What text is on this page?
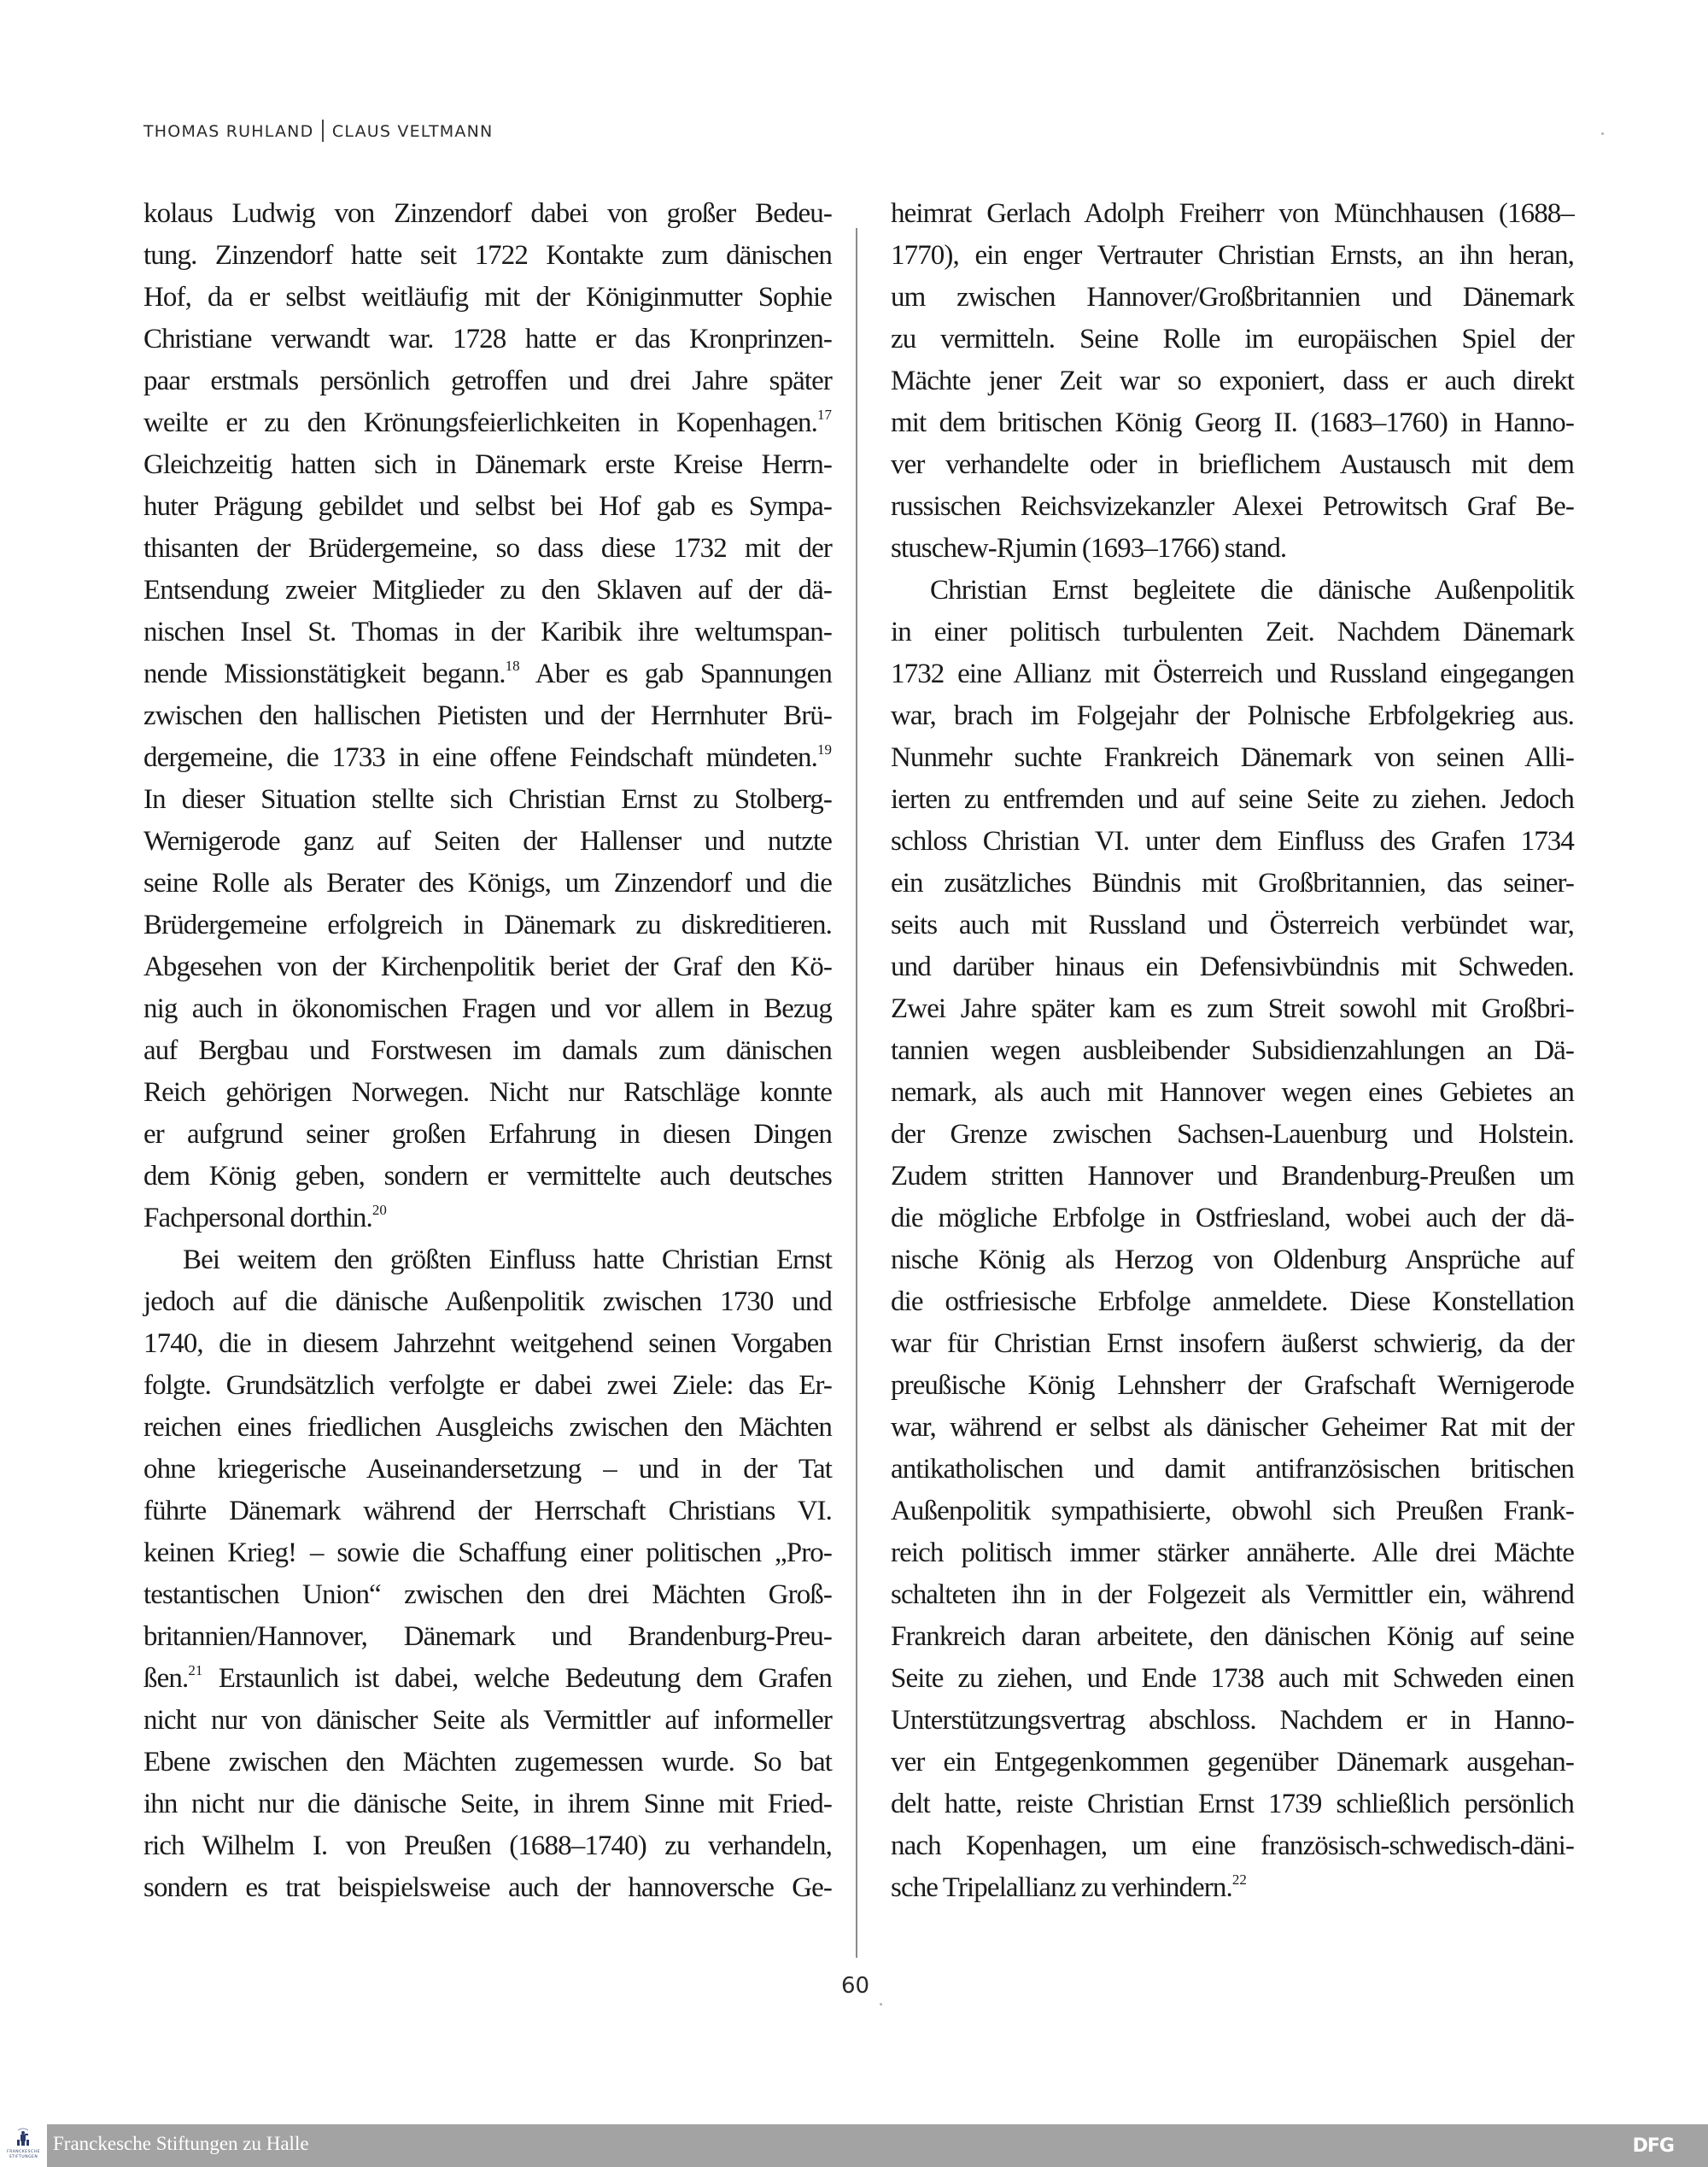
THOMAS RUHLAND CLAUS VELTMANN
kolaus Ludwig von Zinzendorf dabei von großer Bedeu-
tung. Zinzendorf hatte seit 1722 Kontakte zum dänischen
Hof, da er selbst weitläufig mit der Königinmutter Sophie
Christiane verwandt war. 1728 hatte er das Kronprinzen-
paar erstmals persönlich getroffen und drei Jahre später
weilte er zu den Krönungsfeierlichkeiten in Kopenhagen.$^{17}$
Gleichzeitig hatten sich in Dänemark erste Kreise Herrn-
huter Prägung gebildet und selbst bei Hof gab es Sympa-
thisanten der Brüdergemeine, so dass diese 1732 mit der
Entsendung zweier Mitglieder zu den Sklaven auf der dä-
nischen Insel St. Thomas in der Karibik ihre weltumspan-
nende Missionstätigkeit begann.$^{18}$ Aber es gab Spannungen
zwischen den hallischen Pietisten und der Herrnhuter Brü-
dergemeine, die 1733 in eine offene Feindschaft mündeten.$^{19}$
In dieser Situation stellte sich Christian Ernst zu Stolberg-
Wernigerode ganz auf Seiten der Hallenser und nutzte
seine Rolle als Berater des Königs, um Zinzendorf und die
Brüdergemeine erfolgreich in Dänemark zu diskreditieren.
Abgesehen von der Kirchenpolitik beriet der Graf den Kö-
nig auch in ökonomischen Fragen und vor allem in Bezug
auf Bergbau und Forstwesen im damals zum dänischen
Reich gehörigen Norwegen. Nicht nur Ratschläge konnte
er aufgrund seiner großen Erfahrung in diesen Dingen
dem König geben, sondern er vermittelte auch deutsches
Fachpersonal dorthin.$^{20}$
Bei weitem den größten Einfluss hatte Christian Ernst
jedoch auf die dänische Außenpolitik zwischen 1730 und
1740, die in diesem Jahrzehnt weitgehend seinen Vorgaben
folgte. Grundsätzlich verfolgte er dabei zwei Ziele: das Er-
reichen eines friedlichen Ausgleichs zwischen den Mächten
ohne kriegerische Auseinandersetzung – und in der Tat
führte Dänemark während der Herrschaft Christians VI.
keinen Krieg! – sowie die Schaffung einer politischen „Pro-
testantischen Union“ zwischen den drei Mächten Groß-
britannien/Hannover, Dänemark und Brandenburg-Preu-
ßen.$^{21}$ Erstaunlich ist dabei, welche Bedeutung dem Grafen
nicht nur von dänischer Seite als Vermittler auf informeller
Ebene zwischen den Mächten zugemessen wurde. So bat
ihn nicht nur die dänische Seite, in ihrem Sinne mit Fried-
rich Wilhelm I. von Preußen (1688–1740) zu verhandeln,
sondern es trat beispielsweise auch der hannoversche Ge-
heimrat Gerlach Adolph Freiherr von Münchhausen (1688–
1770), ein enger Vertrauter Christian Ernsts, an ihn heran,
um zwischen Hannover/Großbritannien und Dänemark
zu vermitteln. Seine Rolle im europäischen Spiel der
Mächte jener Zeit war so exponiert, dass er auch direkt
mit dem britischen König Georg II. (1683–1760) in Hanno-
ver verhandelte oder in brieflichem Austausch mit dem
russischen Reichsvizekanzler Alexei Petrowitsch Graf Be-
stuschew-Rjumin (1693–1766) stand.
Christian Ernst begleitete die dänische Außenpolitik
in einer politisch turbulenten Zeit. Nachdem Dänemark
1732 eine Allianz mit Österreich und Russland eingegangen
war, brach im Folgejahr der Polnische Erbfolgekrieg aus.
Nunmehr suchte Frankreich Dänemark von seinen Alli-
ierten zu entfremden und auf seine Seite zu ziehen. Jedoch
schloss Christian VI. unter dem Einfluss des Grafen 1734
ein zusätzliches Bündnis mit Großbritannien, das seiner-
seits auch mit Russland und Österreich verbündet war,
und darüber hinaus ein Defensivbündnis mit Schweden.
Zwei Jahre später kam es zum Streit sowohl mit Großbri-
tannien wegen ausbleibender Subsidienzahlungen an Dä-
nemark, als auch mit Hannover wegen eines Gebietes an
der Grenze zwischen Sachsen-Lauenburg und Holstein.
Zudem stritten Hannover und Brandenburg-Preußen um
die mögliche Erbfolge in Ostfriesland, wobei auch der dä-
nische König als Herzog von Oldenburg Ansprüche auf
die ostfriesische Erbfolge anmeldete. Diese Konstellation
war für Christian Ernst insofern äußerst schwierig, da der
preußische König Lehnsherr der Grafschaft Wernigerode
war, während er selbst als dänischer Geheimer Rat mit der
antikatholischen und damit antifranzösischen britischen
Außenpolitik sympathisierte, obwohl sich Preußen Frank-
reich politisch immer stärker annäherte. Alle drei Mächte
schalteten ihn in der Folgezeit als Vermittler ein, während
Frankreich daran arbeitete, den dänischen König auf seine
Seite zu ziehen, und Ende 1738 auch mit Schweden einen
Unterstützungsvertrag abschloss. Nachdem er in Hanno-
ver ein Entgegenkommen gegenüber Dänemark ausgehan-
delt hatte, reiste Christian Ernst 1739 schließlich persönlich
nach Kopenhagen, um eine französisch-schwedisch-däni-
sche Tripelallianz zu verhindern.$^{22}$
60
FRANCKESCHE
STIFTUNGEN
Franckesche Stiftungen zu Halle	DFG
